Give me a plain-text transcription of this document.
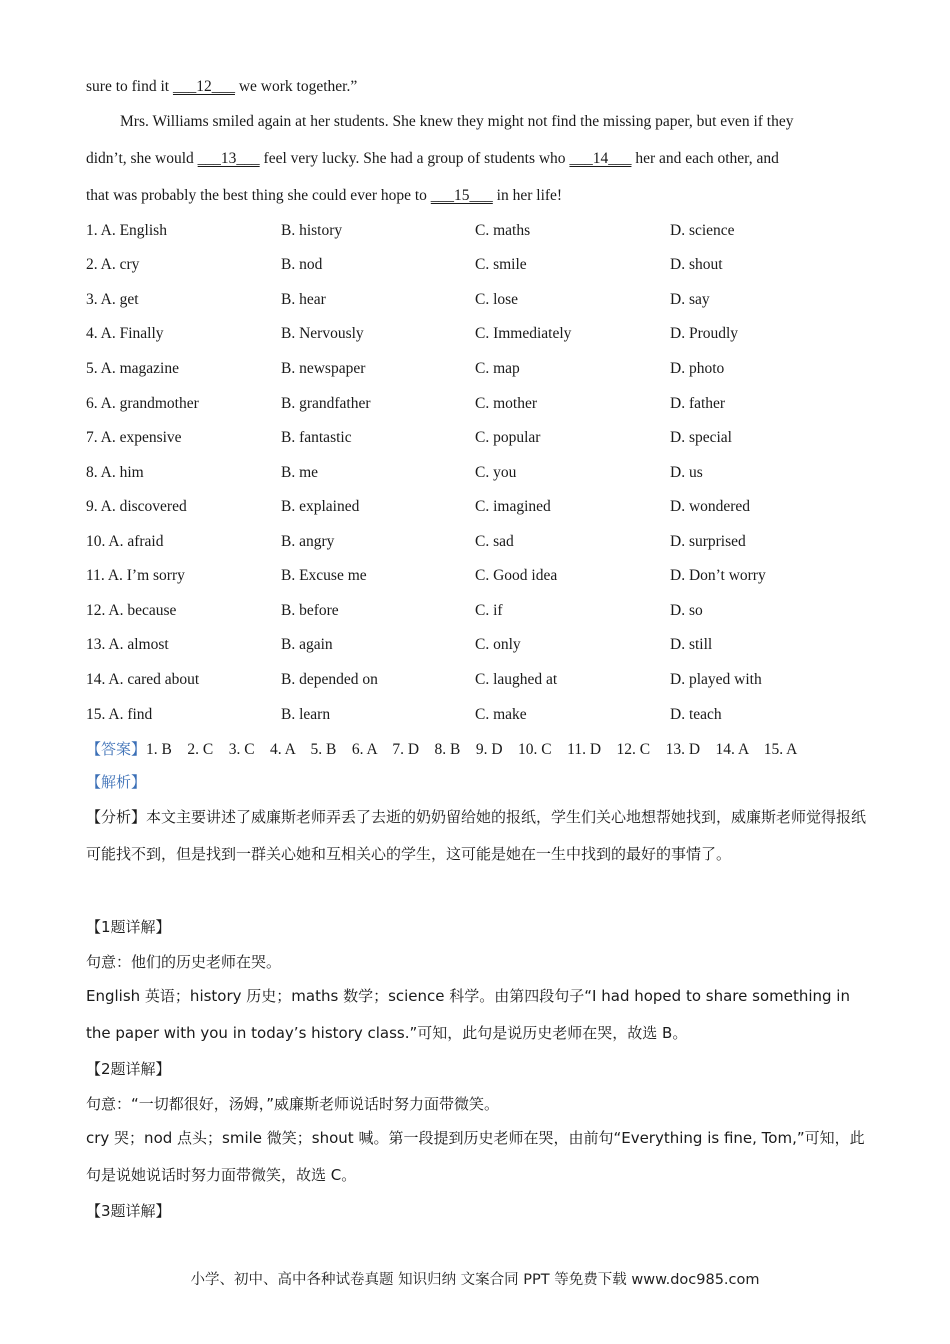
sure to find it ___12___ we work together.”
Mrs. Williams smiled again at her students. She knew they might not find the missing paper, but even if they
didn’t, she would ___13___ feel very lucky. She had a group of students who ___14___ her and each other, and
that was probably the best thing she could ever hope to ___15___ in her life!
1. A. English	B. history	C. maths	D. science
2. A. cry	B. nod	C. smile	D. shout
3. A. get	B. hear	C. lose	D. say
4. A. Finally	B. Nervously	C. Immediately	D. Proudly
5. A. magazine	B. newspaper	C. map	D. photo
6. A. grandmother	B. grandfather	C. mother	D. father
7. A. expensive	B. fantastic	C. popular	D. special
8. A. him	B. me	C. you	D. us
9. A. discovered	B. explained	C. imagined	D. wondered
10. A. afraid	B. angry	C. sad	D. surprised
11. A. I’m sorry	B. Excuse me	C. Good idea	D. Don’t worry
12. A. because	B. before	C. if	D. so
13. A. almost	B. again	C. only	D. still
14. A. cared about	B. depended on	C. laughed at	D. played with
15. A. find	B. learn	C. make	D. teach
【答案】1. B    2. C    3. C    4. A    5. B    6. A    7. D    8. B    9. D    10. C    11. D    12. C    13. D    14. A    15. A
【解析】
【分析】本文主要讲述了威廉斯老师弄丢了去逝的奶奶留给她的报纸，学生们关心地想帮她找到，威廉斯老师觉得报纸可能找不到，但是找到一群关心她和互相关心的学生，这可能是她在一生中找到的最好的事情了。
【1题详解】
句意：他们的历史老师在哭。
English 英语；history 历史；maths 数学；science 科学。由第四段句子“I had hoped to share something in the paper with you in today’s history class.”可知，此句是说历史老师在哭，故选 B。
【2题详解】
句意：“一切都很好，汤姆，”威廉斯老师说话时努力面带微笑。
cry 哭；nod 点头；smile 微笑；shout 喊。第一段提到历史老师在哭，由前句“Everything is fine, Tom,”可知，此句是说她说话时努力面带微笑，故选 C。
【3题详解】
小学、初中、高中各种试卷真题 知识归纳 文案合同 PPT 等免费下载 www.doc985.com
